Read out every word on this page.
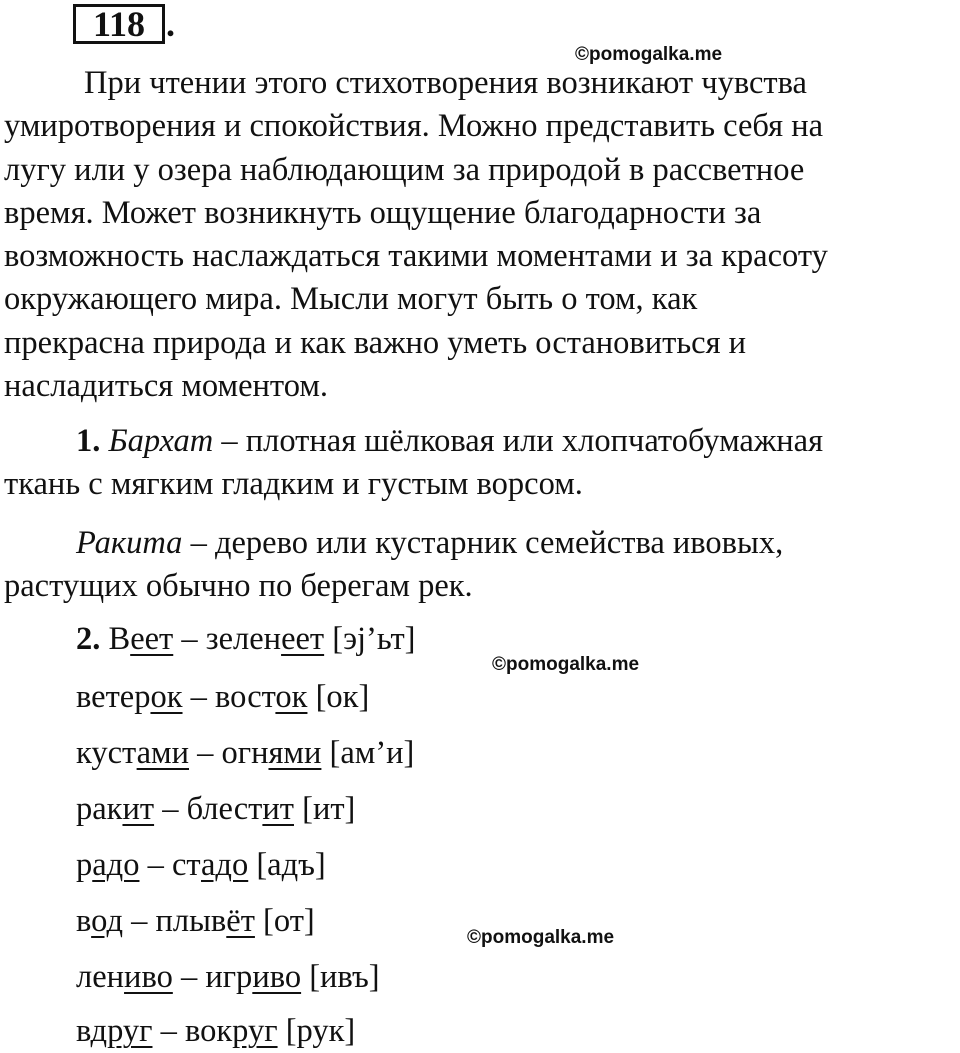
118 .
©pomogalka.me
©pomogalka.me
©pomogalka.me
При чтении этого стихотворения возникают чувства
умиротворения и спокойствия. Можно представить себя на
лугу или у озера наблюдающим за природой в рассветное
время. Может возникнуть ощущение благодарности за
возможность наслаждаться такими моментами и за красоту
окружающего мира. Мысли могут быть о том, как
прекрасна природа и как важно уметь остановиться и
насладиться моментом.
1. Бархат – плотная шёлковая или хлопчатобумажная
ткань с мягким гладким и густым ворсом.
Ракита – дерево или кустарник семейства ивовых,
растущих обычно по берегам рек.
2. Веет – зеленеет [эj’ьт]
ветерок – восток [ок]
кустами – огнями [ам’и]
ракит – блестит [ит]
радо – стадо [адъ]
вод – плывёт [от]
лениво – игриво [ивъ]
вдруг – вокруг [рук]
